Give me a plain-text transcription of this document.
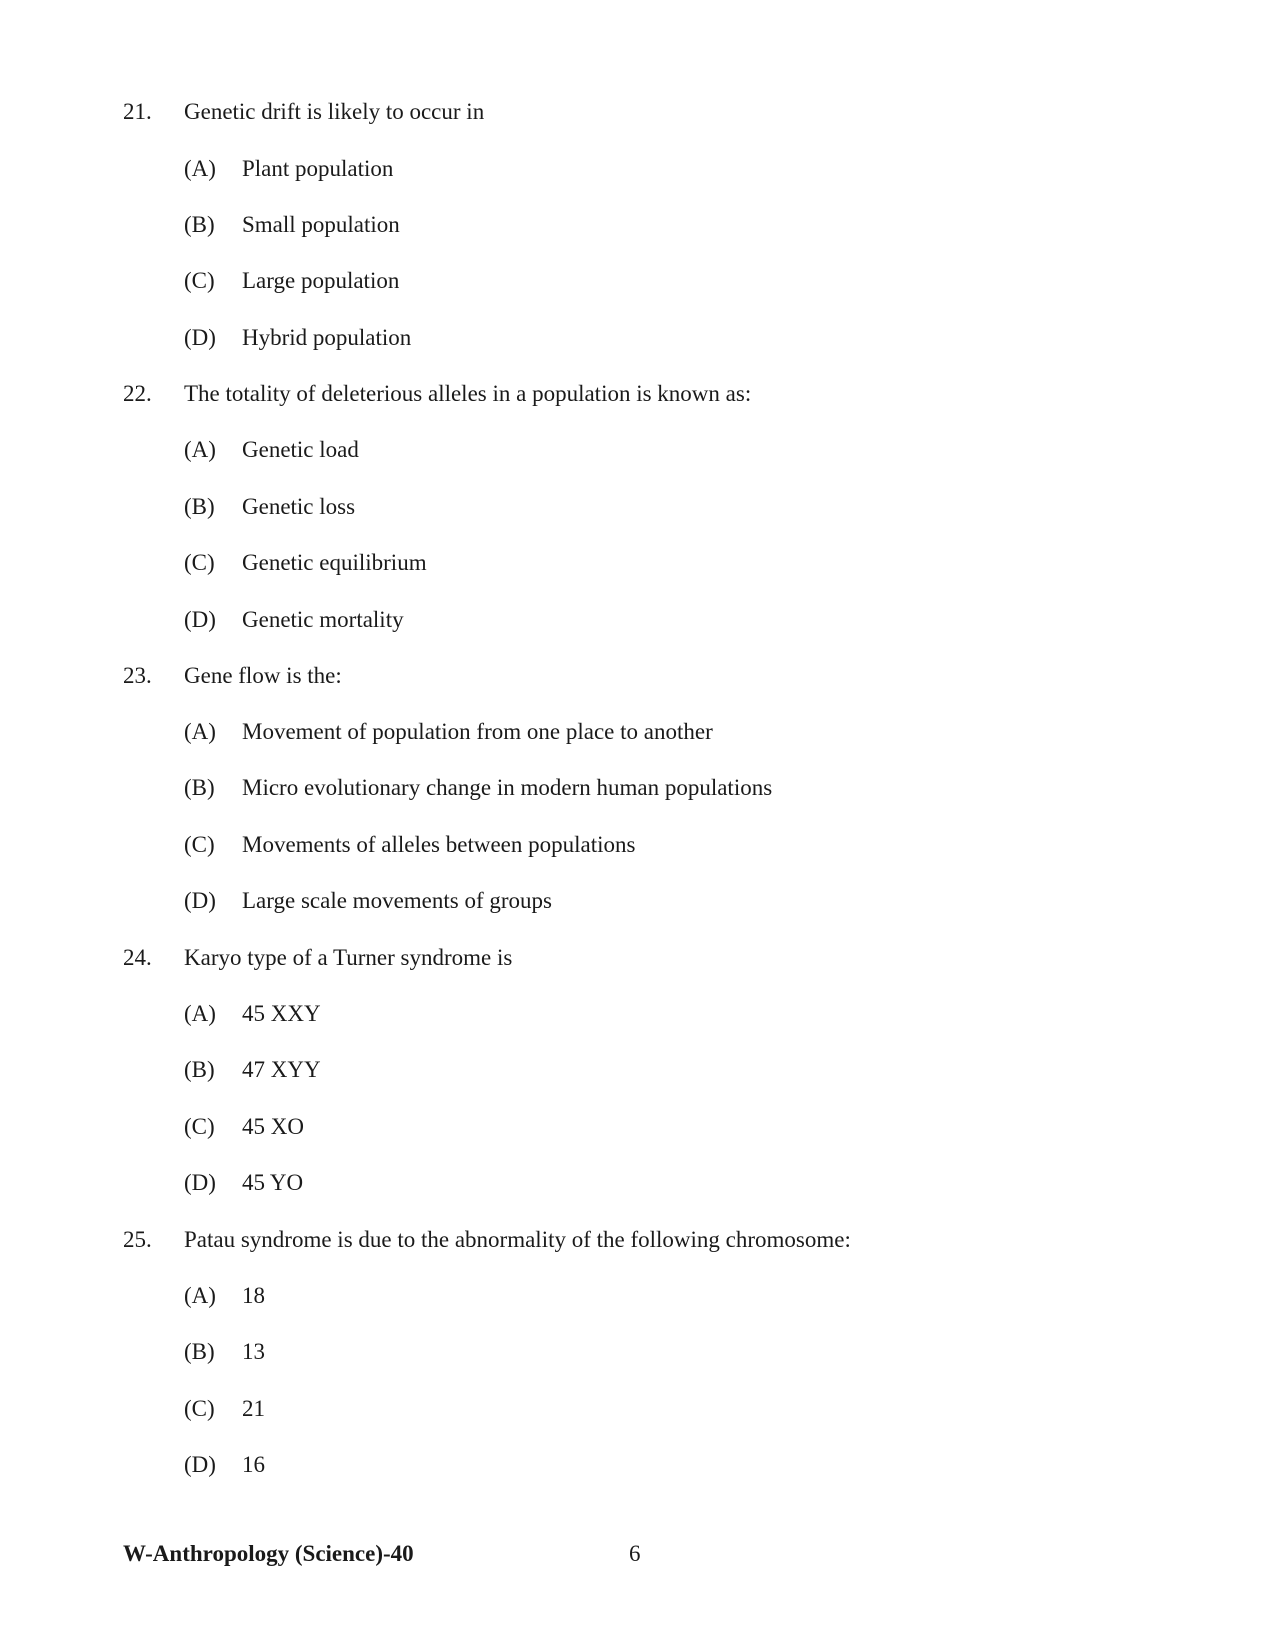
21. Genetic drift is likely to occur in
(A) Plant population
(B) Small population
(C) Large population
(D) Hybrid population
22. The totality of deleterious alleles in a population is known as:
(A) Genetic load
(B) Genetic loss
(C) Genetic equilibrium
(D) Genetic mortality
23. Gene flow is the:
(A) Movement of population from one place to another
(B) Micro evolutionary change in modern human populations
(C) Movements of alleles between populations
(D) Large scale movements of groups
24. Karyo type of a Turner syndrome is
(A) 45 XXY
(B) 47 XYY
(C) 45 XO
(D) 45 YO
25. Patau syndrome is due to the abnormality of the following chromosome:
(A) 18
(B) 13
(C) 21
(D) 16
W-Anthropology (Science)-40	6
